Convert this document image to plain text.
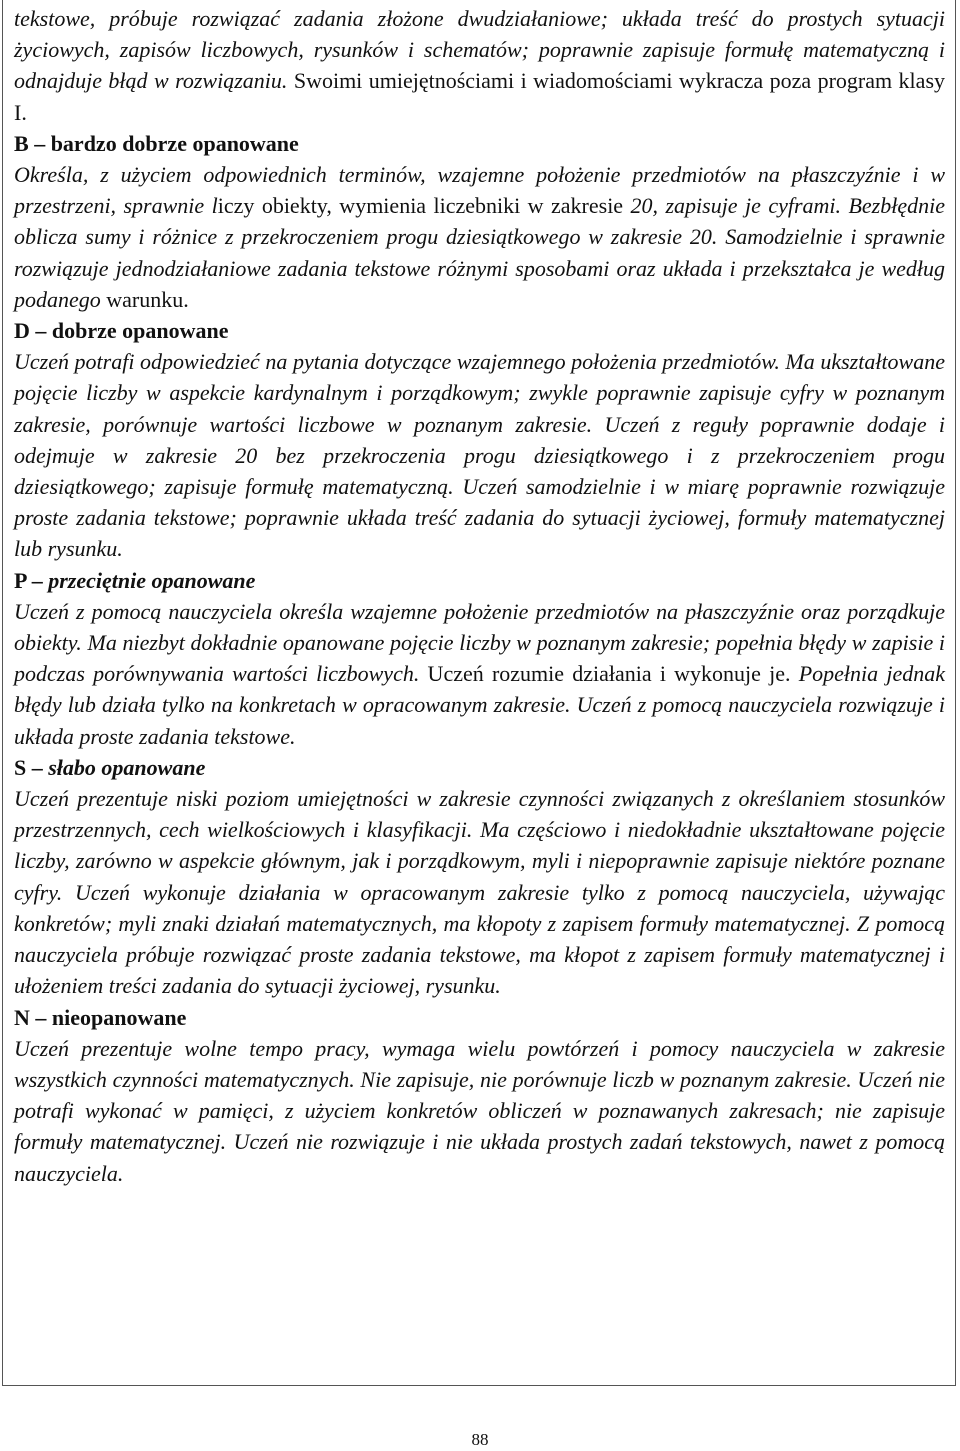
tekstowe, próbuje rozwiązać zadania złożone dwudziałaniowe; układa treść do prostych sytuacji życiowych, zapisów liczbowych, rysunków i schematów; poprawnie zapisuje formułę matematyczną i odnajduje błąd w rozwiązaniu. Swoimi umiejętnościami i wiadomościami wykracza poza program klasy I.

B – bardzo dobrze opanowane

Określa, z użyciem odpowiednich terminów, wzajemne położenie przedmiotów na płaszczyźnie i w przestrzeni, sprawnie liczy obiekty, wymienia liczebniki w zakresie 20, zapisuje je cyframi. Bezbłędnie oblicza sumy i różnice z przekroczeniem progu dziesiątkowego w zakresie 20. Samodzielnie i sprawnie rozwiązuje jednodziałaniowe zadania tekstowe różnymi sposobami oraz układa i przekształca je według podanego warunku.

D – dobrze opanowane

Uczeń potrafi odpowiedzieć na pytania dotyczące wzajemnego położenia przedmiotów. Ma ukształtowane pojęcie liczby w aspekcie kardynalnym i porządkowym; zwykle poprawnie zapisuje cyfry w poznanym zakresie, porównuje wartości liczbowe w poznanym zakresie. Uczeń z reguły poprawnie dodaje i odejmuje w zakresie 20 bez przekroczenia progu dziesiątkowego i z przekroczeniem progu dziesiątkowego; zapisuje formułę matematyczną. Uczeń samodzielnie i w miarę poprawnie rozwiązuje proste zadania tekstowe; poprawnie układa treść zadania do sytuacji życiowej, formuły matematycznej lub rysunku.

P – przeciętnie opanowane

Uczeń z pomocą nauczyciela określa wzajemne położenie przedmiotów na płaszczyźnie oraz porządkuje obiekty. Ma niezbyt dokładnie opanowane pojęcie liczby w poznanym zakresie; popełnia błędy w zapisie i podczas porównywania wartości liczbowych. Uczeń rozumie działania i wykonuje je. Popełnia jednak błędy lub działa tylko na konkretach w opracowanym zakresie. Uczeń z pomocą nauczyciela rozwiązuje i układa proste zadania tekstowe.

S – słabo opanowane

Uczeń prezentuje niski poziom umiejętności w zakresie czynności związanych z określaniem stosunków przestrzennych, cech wielkościowych i klasyfikacji. Ma częściowo i niedokładnie ukształtowane pojęcie liczby, zarówno w aspekcie głównym, jak i porządkowym, myli i niepoprawnie zapisuje niektóre poznane cyfry. Uczeń wykonuje działania w opracowanym zakresie tylko z pomocą nauczyciela, używając konkretów; myli znaki działań matematycznych, ma kłopoty z zapisem formuły matematycznej. Z pomocą nauczyciela próbuje rozwiązać proste zadania tekstowe, ma kłopot z zapisem formuły matematycznej i ułożeniem treści zadania do sytuacji życiowej, rysunku.

N – nieopanowane

Uczeń prezentuje wolne tempo pracy, wymaga wielu powtórzeń i pomocy nauczyciela w zakresie wszystkich czynności matematycznych. Nie zapisuje, nie porównuje liczb w poznanym zakresie. Uczeń nie potrafi wykonać w pamięci, z użyciem konkretów obliczeń w poznawanych zakresach; nie zapisuje formuły matematycznej. Uczeń nie rozwiązuje i nie układa prostych zadań tekstowych, nawet z pomocą nauczyciela.

88
